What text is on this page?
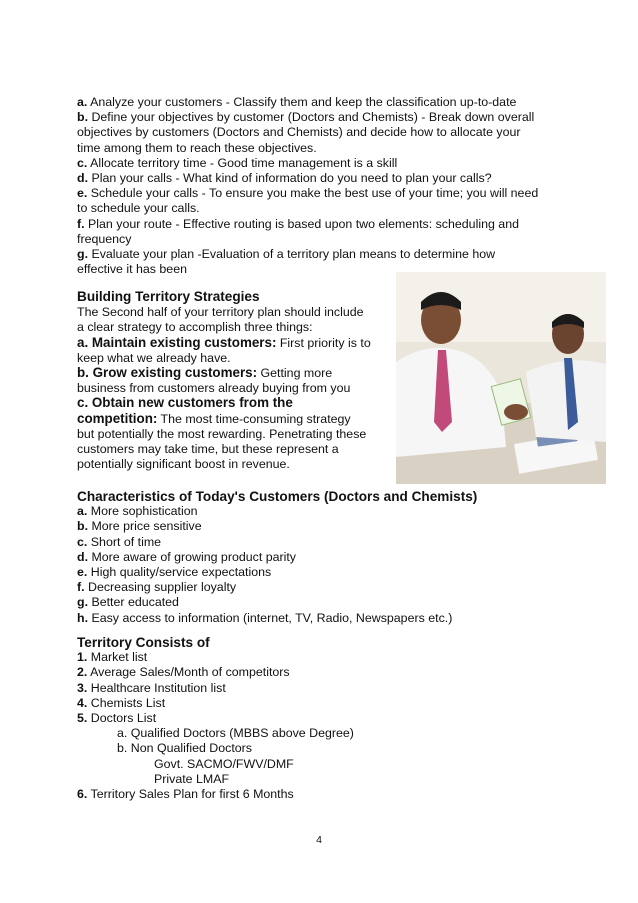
a. Analyze your customers - Classify them and keep the classification up-to-date
b. Define your objectives by customer (Doctors and Chemists) - Break down overall
objectives by customers (Doctors and Chemists) and decide how to allocate your
time among them to reach these objectives.
c. Allocate territory time - Good time management is a skill
d. Plan your calls - What kind of information do you need to plan your calls?
e. Schedule your calls - To ensure you make the best use of your time; you will need
to schedule your calls.
f. Plan your route - Effective routing is based upon two elements: scheduling and
frequency
g. Evaluate your plan -Evaluation of a territory plan means to determine how
effective it has been
Building Territory Strategies
The Second half of your territory plan should include
a clear strategy to accomplish three things:
a. Maintain existing customers: First priority is to
keep what we already have.
b. Grow existing customers: Getting more
business from customers already buying from you
c. Obtain new customers from the
competition: The most time-consuming strategy
but potentially the most rewarding. Penetrating these
customers may take time, but these represent a
potentially significant boost in revenue.
Characteristics of Today's Customers (Doctors and Chemists)
a. More sophistication
b. More price sensitive
c. Short of time
d. More aware of growing product parity
e. High quality/service expectations
f. Decreasing supplier loyalty
g. Better educated
h. Easy access to information (internet, TV, Radio, Newspapers etc.)
Territory Consists of
1. Market list
2. Average Sales/Month of competitors
3. Healthcare Institution list
4. Chemists List
5. Doctors List
a. Qualified Doctors (MBBS above Degree)
b. Non Qualified Doctors
Govt. SACMO/FWV/DMF
Private LMAF
6. Territory Sales Plan for first 6 Months
4
